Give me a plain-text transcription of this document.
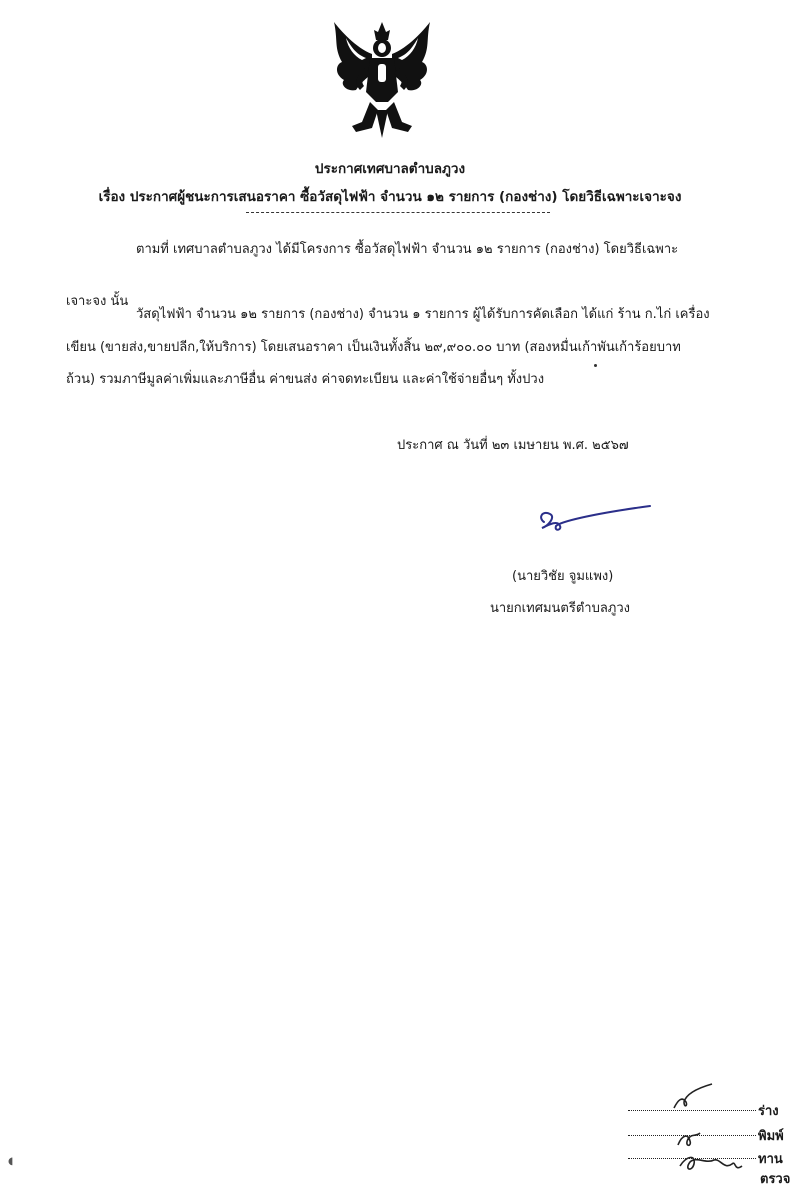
ประกาศเทศบาลตำบลภูวง
เรื่อง ประกาศผู้ชนะการเสนอราคา ซื้อวัสดุไฟฟ้า จำนวน ๑๒ รายการ (กองช่าง) โดยวิธีเฉพาะเจาะจง
ตามที่ เทศบาลตำบลภูวง ได้มีโครงการ ซื้อวัสดุไฟฟ้า จำนวน ๑๒ รายการ (กองช่าง) โดยวิธีเฉพาะ
เจาะจง นั้น
วัสดุไฟฟ้า จำนวน ๑๒ รายการ (กองช่าง) จำนวน ๑ รายการ ผู้ได้รับการคัดเลือก ได้แก่ ร้าน ก.ไก่ เครื่อง
เขียน (ขายส่ง,ขายปลีก,ให้บริการ) โดยเสนอราคา เป็นเงินทั้งสิ้น ๒๙,๙๐๐.๐๐ บาท (สองหมื่นเก้าพันเก้าร้อยบาท
ถ้วน) รวมภาษีมูลค่าเพิ่มและภาษีอื่น ค่าขนส่ง ค่าจดทะเบียน และค่าใช้จ่ายอื่นๆ ทั้งปวง
ประกาศ ณ วันที่ ๒๓ เมษายน พ.ศ. ๒๕๖๗
(นายวิชัย จูมแพง)
นายกเทศมนตรีตำบลภูวง
ร่าง
พิมพ์
ทาน
ตรวจ
◖
